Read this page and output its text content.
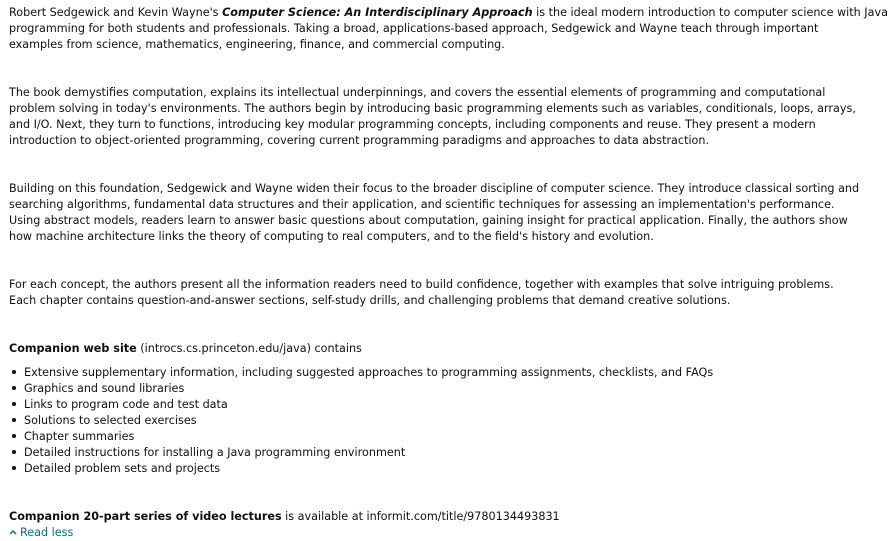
Robert Sedgewick and Kevin Wayne's Computer Science: An Interdisciplinary Approach is the ideal modern introduction to computer science with Java
programming for both students and professionals. Taking a broad, applications-based approach, Sedgewick and Wayne teach through important
examples from science, mathematics, engineering, finance, and commercial computing.
The book demystifies computation, explains its intellectual underpinnings, and covers the essential elements of programming and computational
problem solving in today's environments. The authors begin by introducing basic programming elements such as variables, conditionals, loops, arrays,
and I/O. Next, they turn to functions, introducing key modular programming concepts, including components and reuse. They present a modern
introduction to object-oriented programming, covering current programming paradigms and approaches to data abstraction.
Building on this foundation, Sedgewick and Wayne widen their focus to the broader discipline of computer science. They introduce classical sorting and
searching algorithms, fundamental data structures and their application, and scientific techniques for assessing an implementation's performance.
Using abstract models, readers learn to answer basic questions about computation, gaining insight for practical application. Finally, the authors show
how machine architecture links the theory of computing to real computers, and to the field's history and evolution.
For each concept, the authors present all the information readers need to build confidence, together with examples that solve intriguing problems.
Each chapter contains question-and-answer sections, self-study drills, and challenging problems that demand creative solutions.
Companion web site (introcs.cs.princeton.edu/java) contains
Extensive supplementary information, including suggested approaches to programming assignments, checklists, and FAQs
Graphics and sound libraries
Links to program code and test data
Solutions to selected exercises
Chapter summaries
Detailed instructions for installing a Java programming environment
Detailed problem sets and projects
Companion 20-part series of video lectures is available at informit.com/title/9780134493831
Read less
